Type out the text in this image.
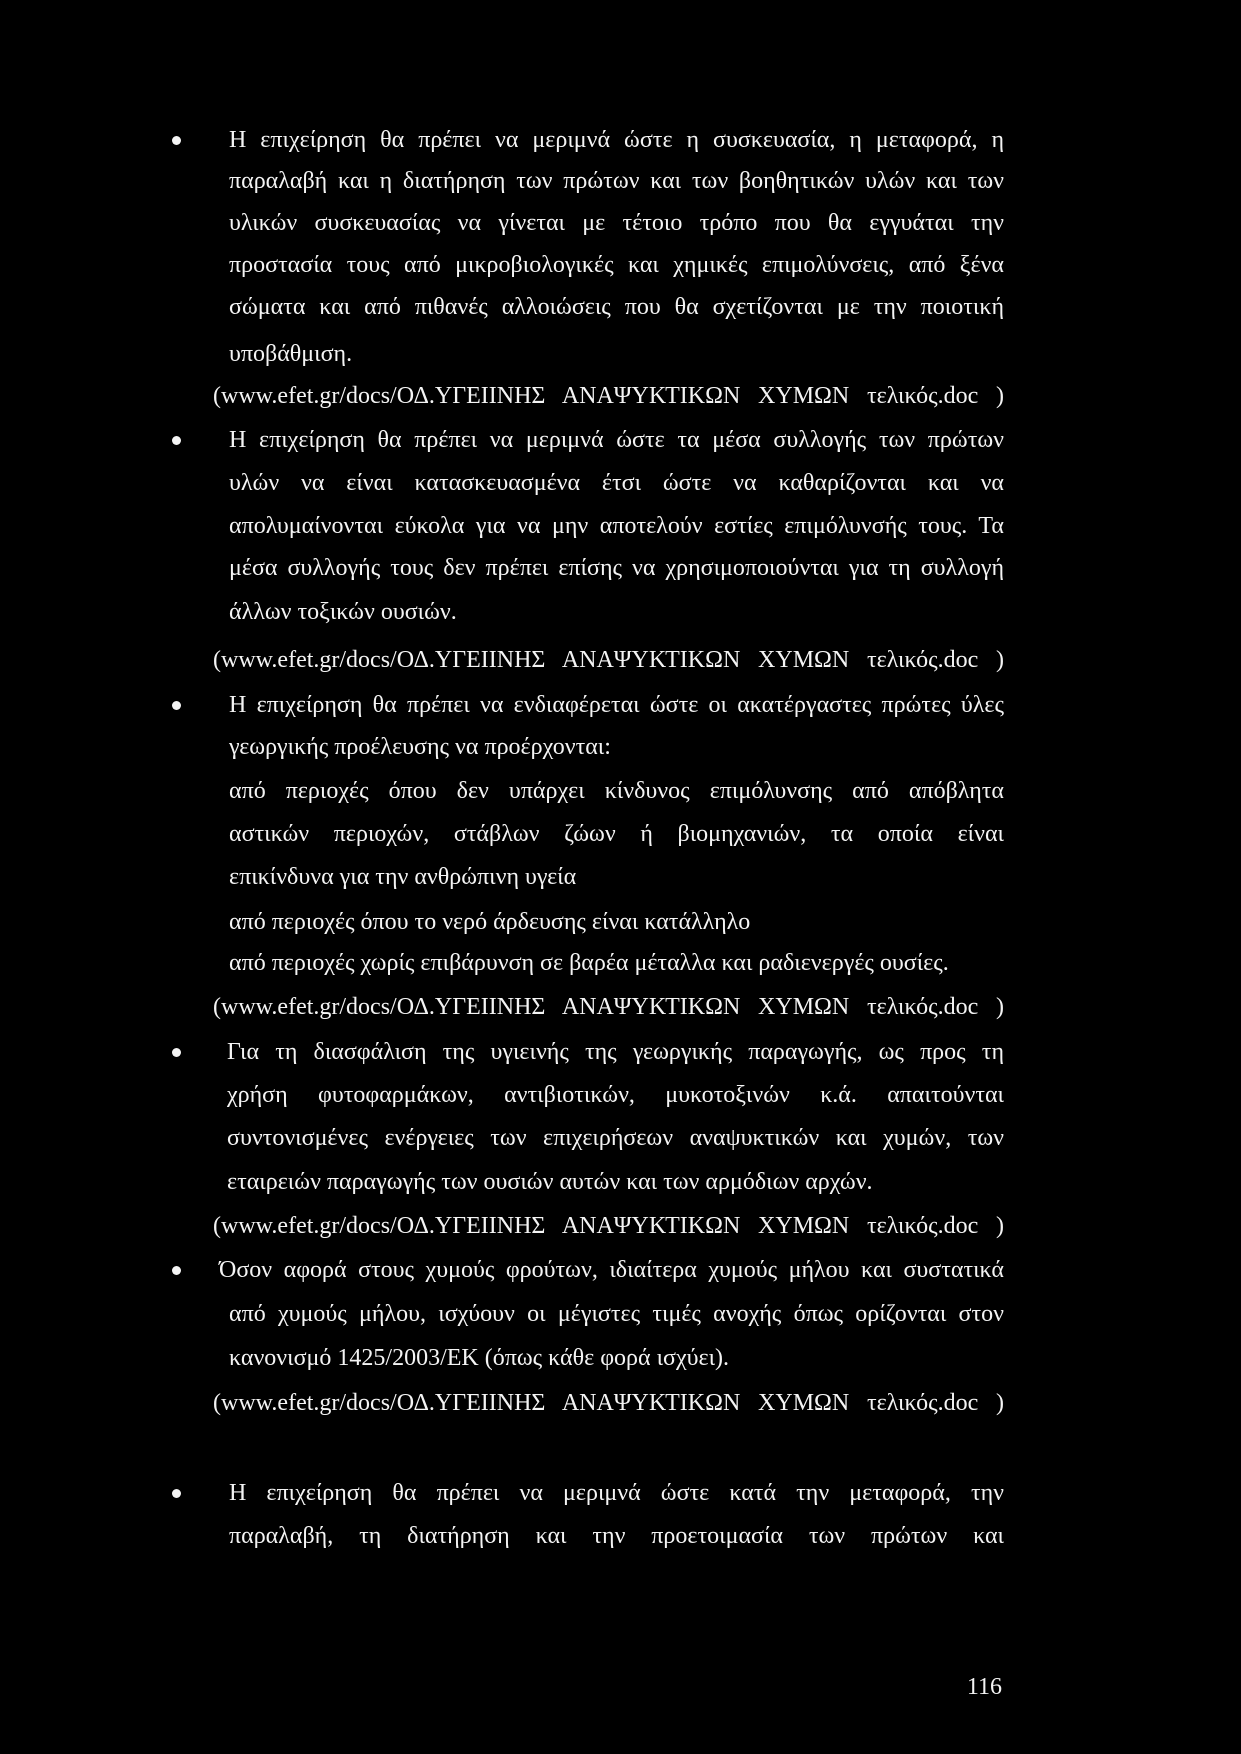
Η επιχείρηση θα πρέπει να μεριμνά ώστε η συσκευασία, η μεταφορά, η
παραλαβή και η διατήρηση των πρώτων και των βοηθητικών υλών και των
υλικών συσκευασίας να γίνεται με τέτοιο τρόπο που θα εγγυάται την
προστασία τους από μικροβιολογικές και χημικές επιμολύνσεις, από ξένα
σώματα και από πιθανές αλλοιώσεις που θα σχετίζονται με την ποιοτική
υποβάθμιση.
(www.efet.gr/docs/ΟΔ.ΥΓΕΙΙΝΗΣ ΑΝΑΨΥΚΤΙΚΩΝ ΧΥΜΩΝ τελικός.doc )
Η επιχείρηση θα πρέπει να μεριμνά ώστε τα μέσα συλλογής των πρώτων
υλών να είναι κατασκευασμένα έτσι ώστε να καθαρίζονται και να
απολυμαίνονται εύκολα για να μην αποτελούν εστίες επιμόλυνσής τους. Τα
μέσα συλλογής τους δεν πρέπει επίσης να χρησιμοποιούνται για τη συλλογή
άλλων τοξικών ουσιών.
(www.efet.gr/docs/ΟΔ.ΥΓΕΙΙΝΗΣ ΑΝΑΨΥΚΤΙΚΩΝ ΧΥΜΩΝ τελικός.doc )
Η επιχείρηση θα πρέπει να ενδιαφέρεται ώστε οι ακατέργαστες πρώτες ύλες
γεωργικής προέλευσης να προέρχονται:
από περιοχές όπου δεν υπάρχει κίνδυνος επιμόλυνσης από απόβλητα
αστικών περιοχών, στάβλων ζώων ή βιομηχανιών, τα οποία είναι
επικίνδυνα για την ανθρώπινη υγεία
από περιοχές όπου το νερό άρδευσης είναι κατάλληλο
από περιοχές χωρίς επιβάρυνση σε βαρέα μέταλλα και ραδιενεργές ουσίες.
(www.efet.gr/docs/ΟΔ.ΥΓΕΙΙΝΗΣ ΑΝΑΨΥΚΤΙΚΩΝ ΧΥΜΩΝ τελικός.doc )
Για τη διασφάλιση της υγιεινής της γεωργικής παραγωγής, ως προς τη
χρήση φυτοφαρμάκων, αντιβιοτικών, μυκοτοξινών κ.ά. απαιτούνται
συντονισμένες ενέργειες των επιχειρήσεων αναψυκτικών και χυμών, των
εταιρειών παραγωγής των ουσιών αυτών και των αρμόδιων αρχών.
(www.efet.gr/docs/ΟΔ.ΥΓΕΙΙΝΗΣ ΑΝΑΨΥΚΤΙΚΩΝ ΧΥΜΩΝ τελικός.doc )
Όσον αφορά στους χυμούς φρούτων, ιδιαίτερα χυμούς μήλου και συστατικά
από χυμούς μήλου, ισχύουν οι μέγιστες τιμές ανοχής όπως ορίζονται στον
κανονισμό 1425/2003/ΕΚ (όπως κάθε φορά ισχύει).
(www.efet.gr/docs/ΟΔ.ΥΓΕΙΙΝΗΣ ΑΝΑΨΥΚΤΙΚΩΝ ΧΥΜΩΝ τελικός.doc )
Η επιχείρηση θα πρέπει να μεριμνά ώστε κατά την μεταφορά, την
παραλαβή, τη διατήρηση και την προετοιμασία των πρώτων και
116
